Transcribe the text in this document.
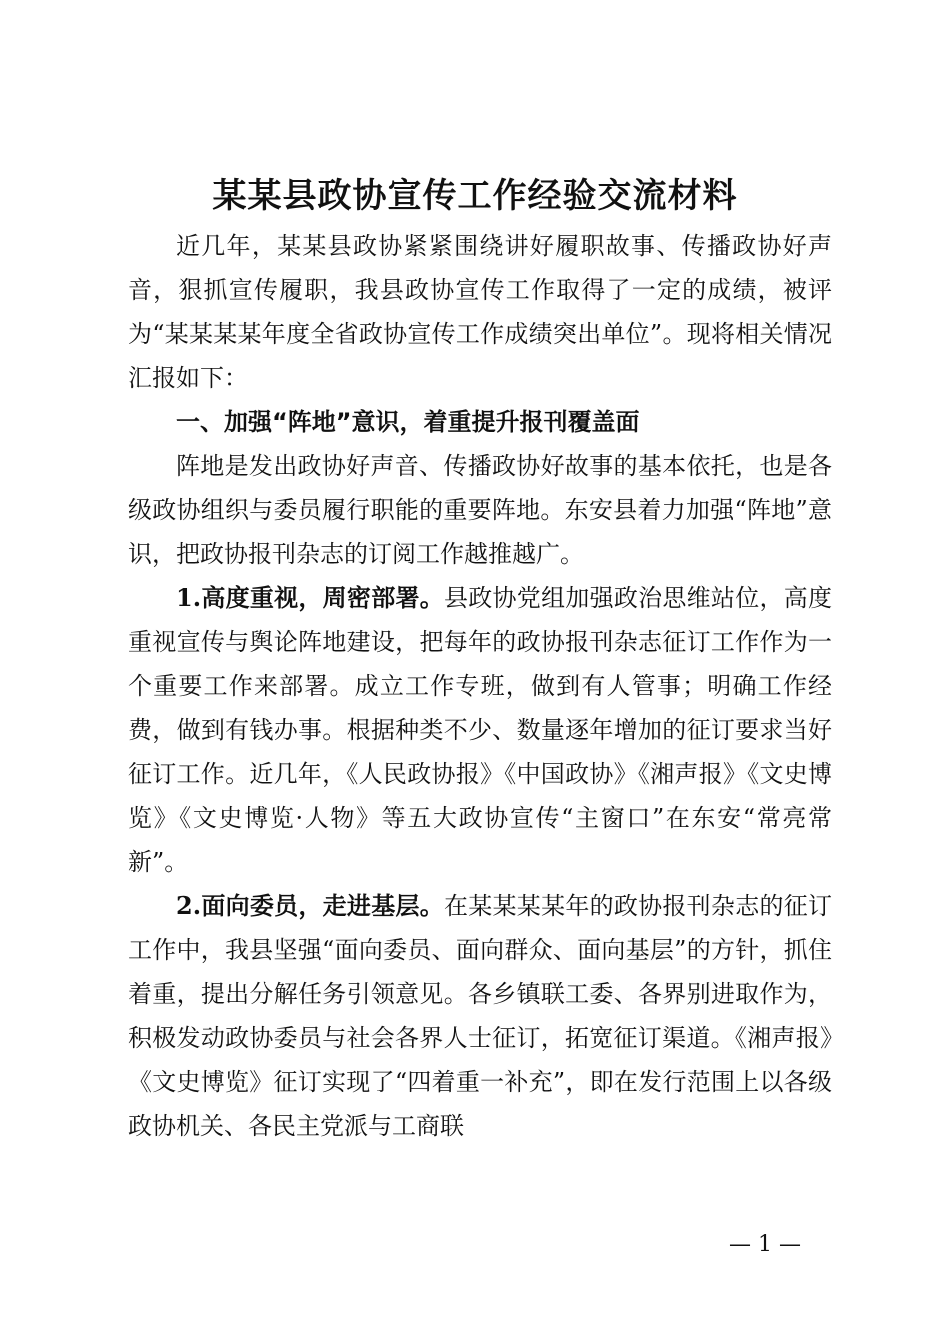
某某县政协宣传工作经验交流材料

近几年，某某县政协紧紧围绕讲好履职故事、传播政协好声音，狠抓宣传履职，我县政协宣传工作取得了一定的成绩，被评为“某某某某年度全省政协宣传工作成绩突出单位”。现将相关情况汇报如下：

一、加强“阵地”意识，着重提升报刊覆盖面

阵地是发出政协好声音、传播政协好故事的基本依托，也是各级政协组织与委员履行职能的重要阵地。东安县着力加强“阵地”意识，把政协报刊杂志的订阅工作越推越广。

1.高度重视，周密部署。县政协党组加强政治思维站位，高度重视宣传与舆论阵地建设，把每年的政协报刊杂志征订工作作为一个重要工作来部署。成立工作专班，做到有人管事；明确工作经费，做到有钱办事。根据种类不少、数量逐年增加的征订要求当好征订工作。近几年，《人民政协报》《中国政协》《湘声报》《文史博览》《文史博览·人物》等五大政协宣传“主窗口”在东安“常亮常新”。

2.面向委员，走进基层。在某某某某年的政协报刊杂志的征订工作中，我县坚强“面向委员、面向群众、面向基层”的方针，抓住着重，提出分解任务引领意见。各乡镇联工委、各界别进取作为，积极发动政协委员与社会各界人士征订，拓宽征订渠道。《湘声报》《文史博览》征订实现了“四着重一补充”，即在发行范围上以各级政协机关、各民主党派与工商联

— 1 —
